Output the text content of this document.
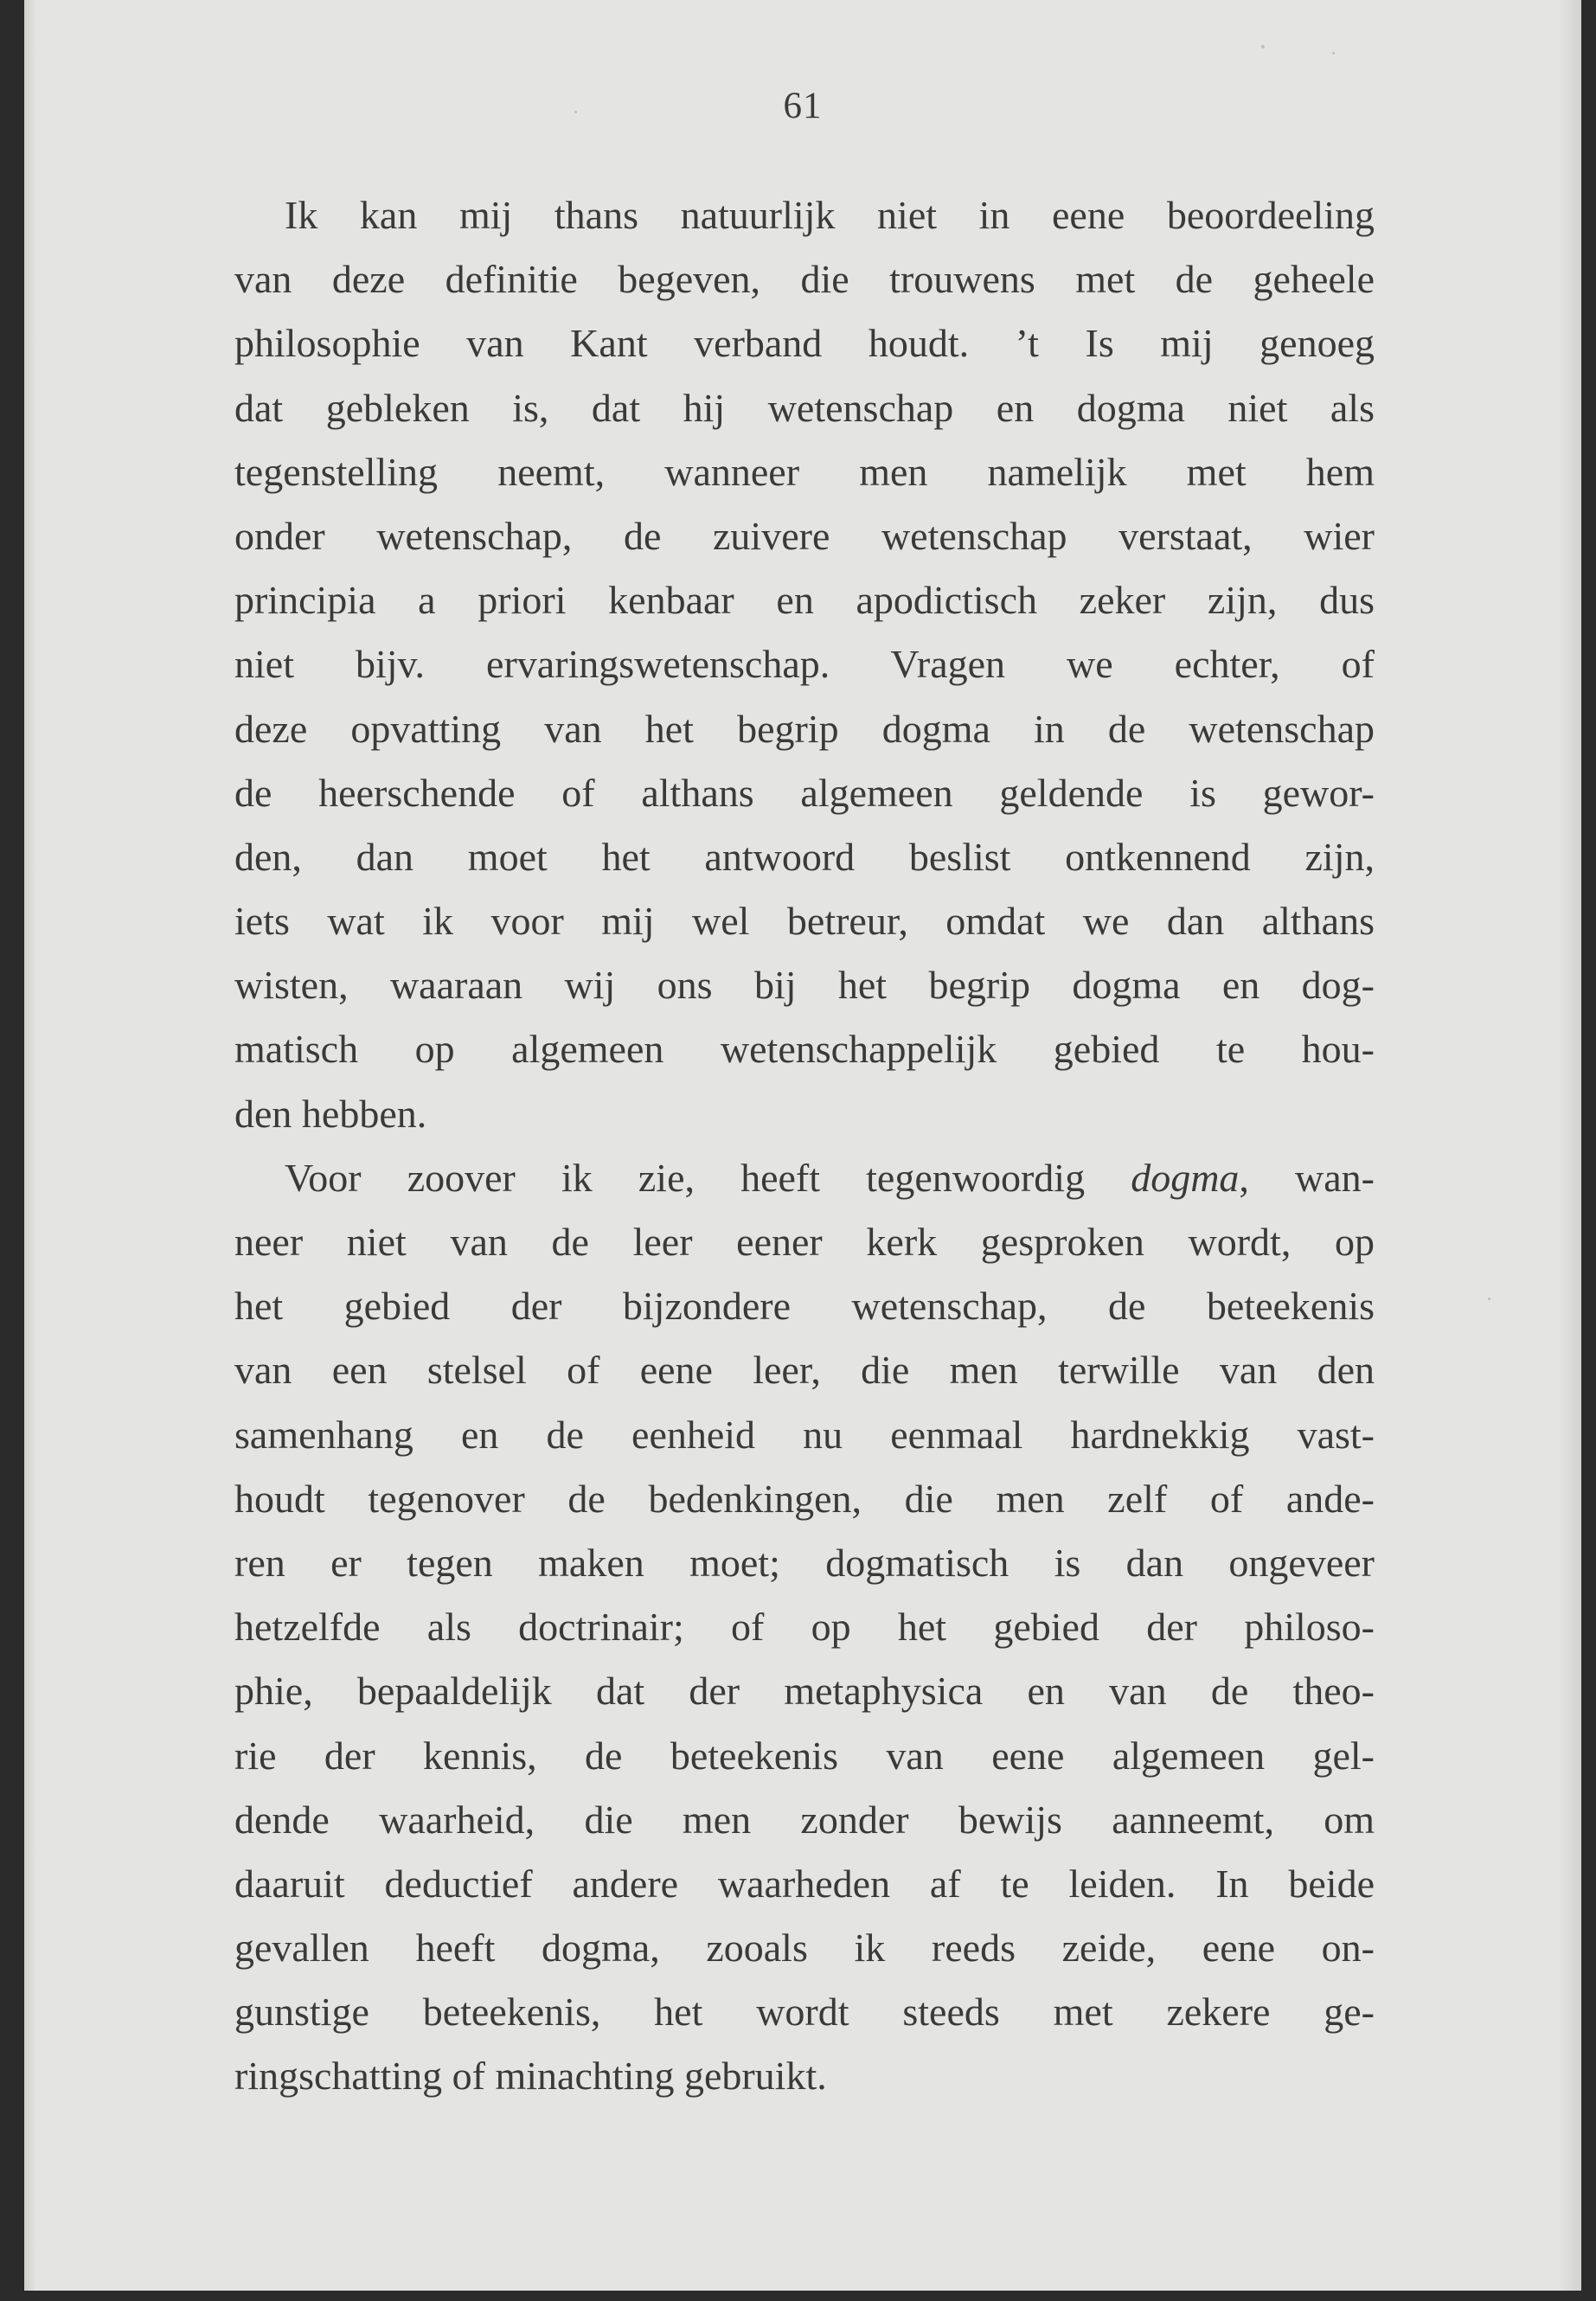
61
Ik kan mij thans natuurlijk niet in eene beoordeeling
van deze definitie begeven, die trouwens met de geheele
philosophie van Kant verband houdt. ’t Is mij genoeg
dat gebleken is, dat hij wetenschap en dogma niet als
tegenstelling neemt, wanneer men namelijk met hem
onder wetenschap, de zuivere wetenschap verstaat, wier
principia a priori kenbaar en apodictisch zeker zijn, dus
niet bijv. ervaringswetenschap. Vragen we echter, of
deze opvatting van het begrip dogma in de wetenschap
de heerschende of althans algemeen geldende is gewor-
den, dan moet het antwoord beslist ontkennend zijn,
iets wat ik voor mij wel betreur, omdat we dan althans
wisten, waaraan wij ons bij het begrip dogma en dog-
matisch op algemeen wetenschappelijk gebied te hou-
den hebben.
Voor zoover ik zie, heeft tegenwoordig dogma, wan-
neer niet van de leer eener kerk gesproken wordt, op
het gebied der bijzondere wetenschap, de beteekenis
van een stelsel of eene leer, die men terwille van den
samenhang en de eenheid nu eenmaal hardnekkig vast-
houdt tegenover de bedenkingen, die men zelf of ande-
ren er tegen maken moet; dogmatisch is dan ongeveer
hetzelfde als doctrinair; of op het gebied der philoso-
phie, bepaaldelijk dat der metaphysica en van de theo-
rie der kennis, de beteekenis van eene algemeen gel-
dende waarheid, die men zonder bewijs aanneemt, om
daaruit deductief andere waarheden af te leiden. In beide
gevallen heeft dogma, zooals ik reeds zeide, eene on-
gunstige beteekenis, het wordt steeds met zekere ge-
ringschatting of minachting gebruikt.
